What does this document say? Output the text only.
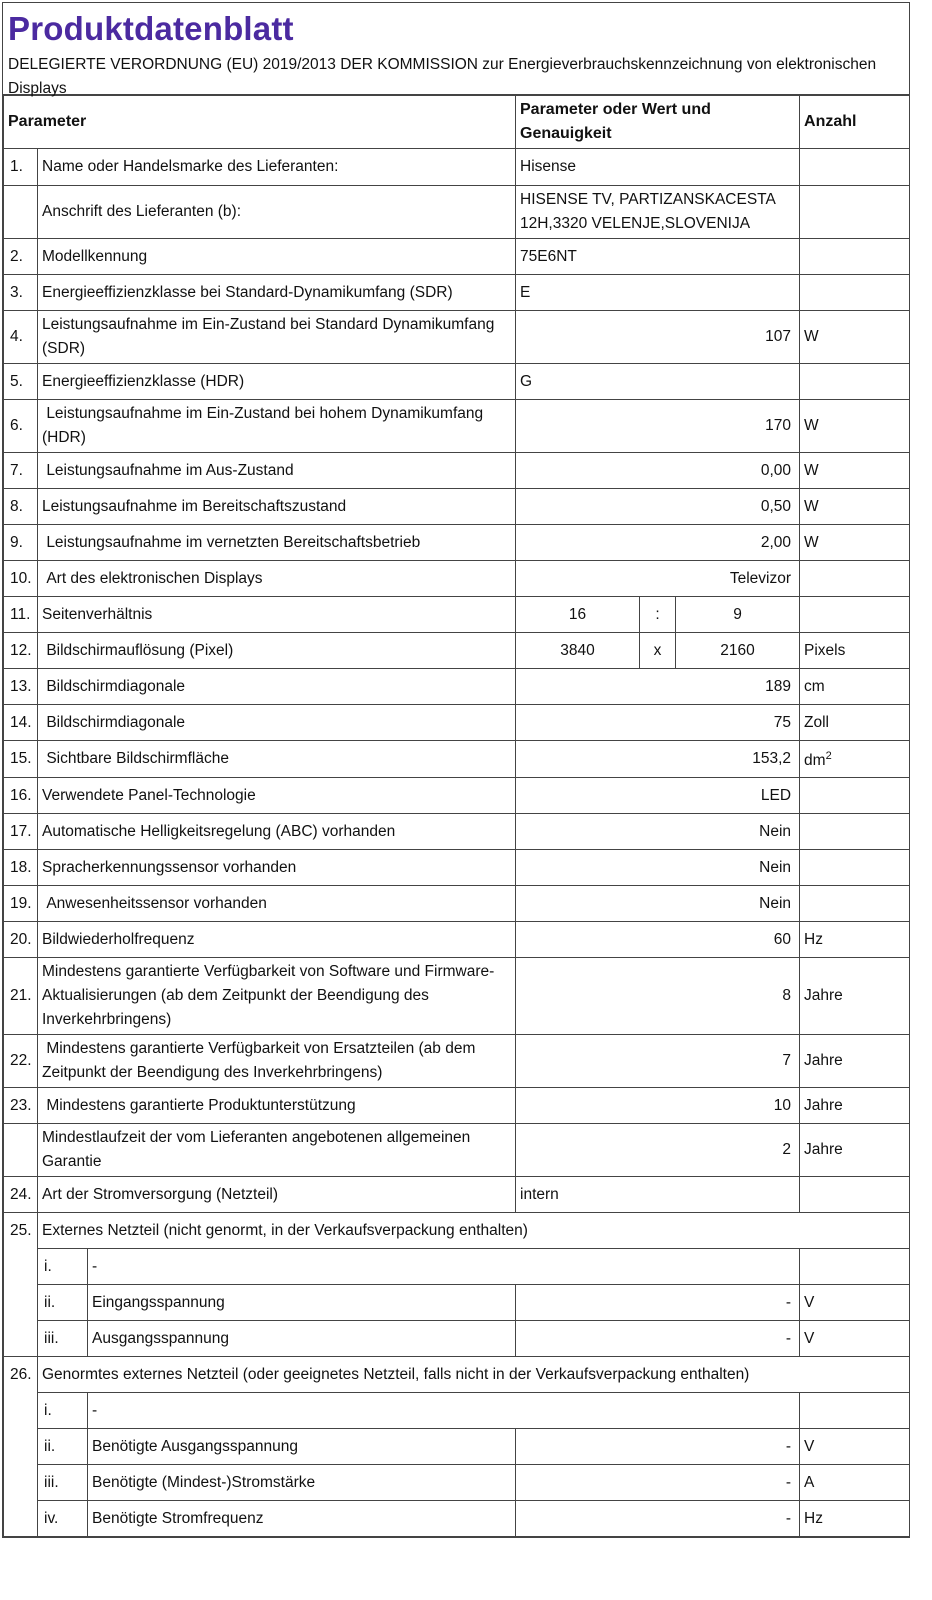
Produktdatenblatt
DELEGIERTE VERORDNUNG (EU) 2019/2013 DER KOMMISSION zur Energieverbrauchskennzeichnung von elektronischen Displays
Parameter			Parameter oder Wert und Genauigkeit			Anzahl
1.	Name oder Handelsmarke des Lieferanten:		Hisense			
	Anschrift des Lieferanten (b):		HISENSE TV, PARTIZANSKACESTA 12H,3320 VELENJE,SLOVENIJA			
2.	Modellkennung		75E6NT			
3.	Energieeffizienzklasse bei Standard-Dynamikumfang (SDR)		E			
4.	Leistungsaufnahme im Ein-Zustand bei Standard Dynamikumfang (SDR)		107			W
5.	Energieeffizienzklasse (HDR)		G			
6.	Leistungsaufnahme im Ein-Zustand bei hohem Dynamikumfang (HDR)		170			W
7.	Leistungsaufnahme im Aus-Zustand		0,00			W
8.	Leistungsaufnahme im Bereitschaftszustand		0,50			W
9.	Leistungsaufnahme im vernetzten Bereitschaftsbetrieb		2,00			W
10.	Art des elektronischen Displays		Televizor			
11.	Seitenverhältnis		16	:	9	
12.	Bildschirmauflösung (Pixel)		3840	x	2160	Pixels
13.	Bildschirmdiagonale		189			cm
14.	Bildschirmdiagonale		75			Zoll
15.	Sichtbare Bildschirmfläche		153,2			$dm^2$
16.	Verwendete Panel-Technologie		LED			
17.	Automatische Helligkeitsregelung (ABC) vorhanden		Nein			
18.	Spracherkennungssensor vorhanden		Nein			
19.	Anwesenheitssensor vorhanden		Nein			
20.	Bildwiederholfrequenz		60			Hz
21.	Mindestens garantierte Verfügbarkeit von Software und Firmware-Aktualisierungen (ab dem Zeitpunkt der Beendigung des Inverkehrbringens)		8			Jahre
22.	Mindestens garantierte Verfügbarkeit von Ersatzteilen (ab dem Zeitpunkt der Beendigung des Inverkehrbringens)		7			Jahre
23.	Mindestens garantierte Produktunterstützung		10			Jahre
	Mindestlaufzeit der vom Lieferanten angebotenen allgemeinen Garantie		2			Jahre
24.	Art der Stromversorgung (Netzteil)		intern			
25.	Externes Netzteil (nicht genormt, in der Verkaufsverpackung enthalten)					
	i.	-				
	ii.	Eingangsspannung	-			V
	iii.	Ausgangsspannung	-			V
26.	Genormtes externes Netzteil (oder geeignetes Netzteil, falls nicht in der Verkaufsverpackung enthalten)					
	i.	-				
	ii.	Benötigte Ausgangsspannung	-			V
	iii.	Benötigte (Mindest-)Stromstärke	-			A
	iv.	Benötigte Stromfrequenz	-			Hz
